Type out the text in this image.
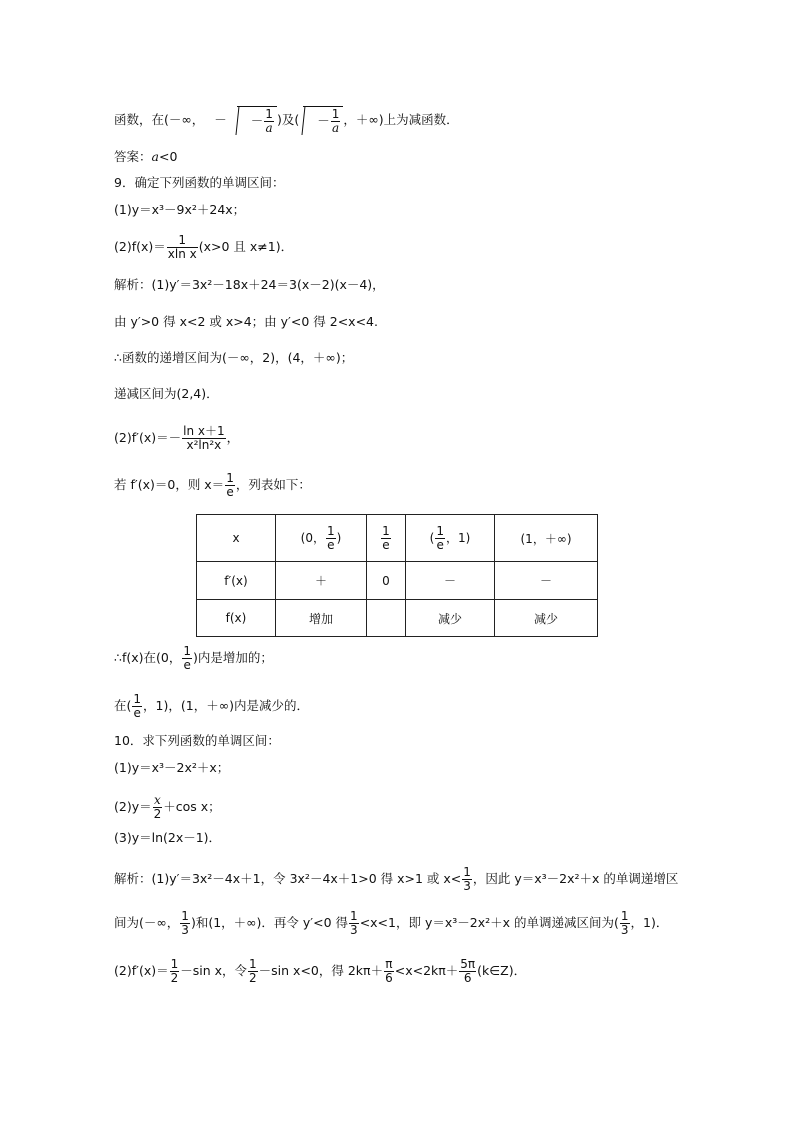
函数，在(－∞， － － $\frac{1}{a}$ )及( － $\frac{1}{a}$ ，＋∞)上为减函数．
答案：a<0
9．确定下列函数的单调区间：
(1)y＝x³－9x²＋24x；
$(2)f(x)= \frac{1}{\text{xln x}} (x>0$ 且 x≠1)．
解析：(1)y′＝3x²－18x＋24＝3(x－2)(x－4)，
由 y′>0 得 x<2 或 x>4；由 y′<0 得 2<x<4.
∴函数的递增区间为(－∞，2)，(4，＋∞)；
递减区间为(2,4)．
$(2)f'(x)=- \frac{\text{ln x＋1}}{\text{x²ln²x}}$ ，
若 f′(x)＝0，则 $x= \frac{1}{e}$ ，列表如下：
x	(0， $\frac{1}{e}$ )	$\frac{1}{e}$	( $\frac{1}{e}$ ，1)	(1，＋∞)
f′(x)	＋	0	－	－
f(x)	增加		减少	减少
∴f(x)在(0， $\frac{1}{e}$ )内是增加的；
在( $\frac{1}{e}$ ，1)，(1，＋∞)内是减少的．
10．求下列函数的单调区间：
(1)y＝x³－2x²＋x；
$(2)y= \frac{x}{2} +\cos$ x；
(3)y＝ln(2x－1)．
解析：(1)y′＝3x²－4x＋1，令 3x²－4x＋1>0 得 x>1 或 $x< \frac{1}{3}$ ，因此 y＝x³－2x²＋x 的单调递增区
间为(－∞， $\frac{1}{3}$ )和(1，＋∞)．再令 y′<0 得 $\frac{1}{3} <x<1$，即 y＝x³－2x²＋x 的单调递减区间为( $\frac{1}{3}$ ，1)．
$(2)f'(x)= \frac{1}{2} -\sin$ x，令 $\frac{1}{2} -\sin$ x<0，得 $2k\pi+ \frac{\pi}{6} <x<2k\pi+ \frac{5\pi}{6}$ (k∈Z)．
